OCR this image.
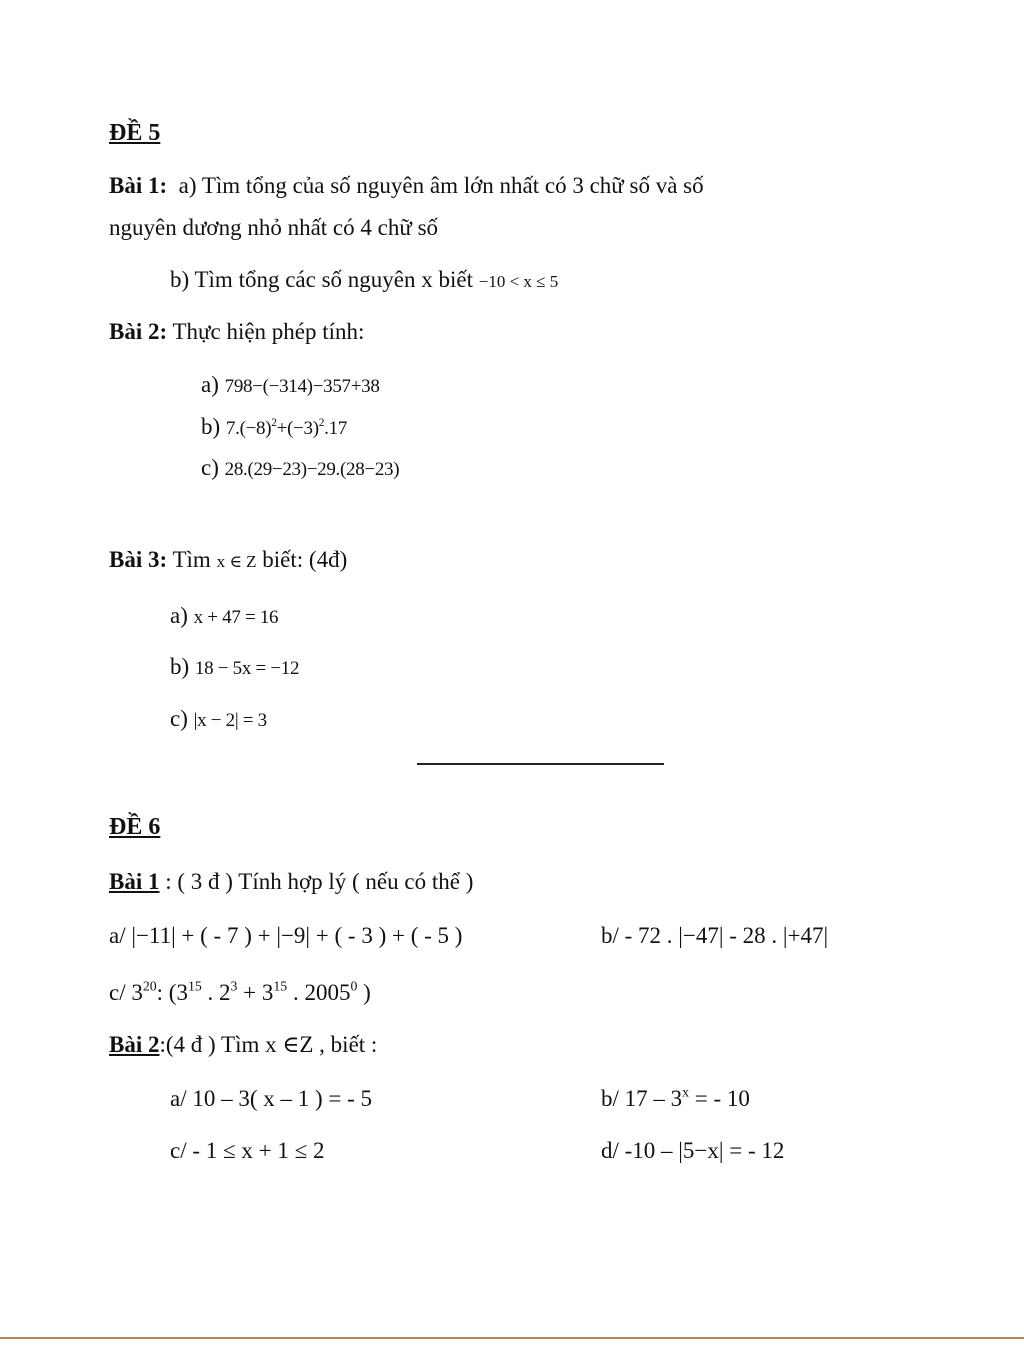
ĐỀ 5
Bài 1: a) Tìm tổng của số nguyên âm lớn nhất có 3 chữ số và số
nguyên dương nhỏ nhất có 4 chữ số
b) Tìm tổng các số nguyên x biết −10 < x ≤ 5
Bài 2: Thực hiện phép tính:
a) 798−(−314)−357+38
b) $7.(-8)^2+(-3)^2.17$
c) 28.(29−23)−29.(28−23)
Bài 3: Tìm x ∈ Z biết: (4đ)
a) x + 47 = 16
b) 18 − 5x = −12
c) |x − 2| = 3
ĐỀ 6
Bài 1 : ( 3 đ ) Tính hợp lý ( nếu có thể )
a/ |−11| + ( - 7 ) + |−9| + ( - 3 ) + ( - 5 )	b/ - 72 . |−47| - 28 . |+47|
c/ $3^{20}$: ($3^{15}$ . $2^3 + 3^{15}$ . 2005$^0$ )
Bài 2:(4 đ ) Tìm x ∈Z , biết :
a/ 10 – 3( x – 1 ) = - 5	b/ $17 - 3^x$ = - 10
c/ - 1 ≤ x + 1 ≤ 2	d/ -10 – |5−x| = - 12
